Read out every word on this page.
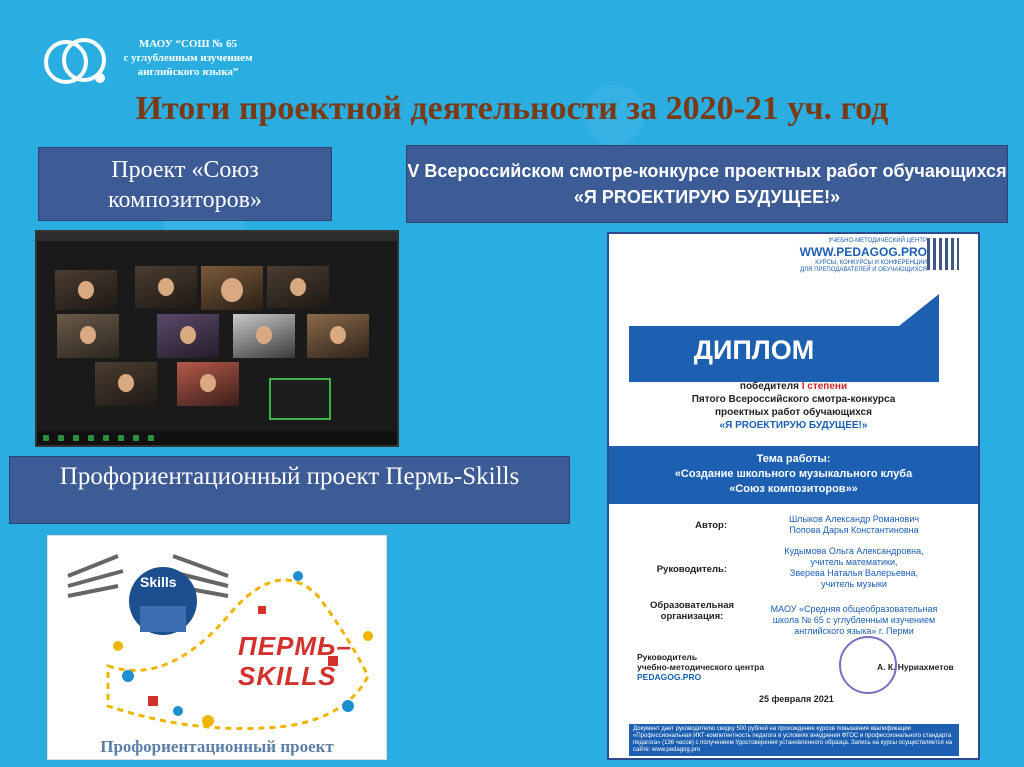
МАОУ “СОШ № 65
с углубленным изучением
английского языка”
Итоги проектной деятельности за 2020-21 уч. год
Проект «Союз композиторов»
V Всероссийском смотре-конкурсе проектных работ обучающихся «Я PROЕКТИРУЮ БУДУЩЕЕ!»
Профориентационный проект Пермь-Skills
Skills
ПЕРМЬ–
SKILLS
Профориентационный проект
УЧЕБНО-МЕТОДИЧЕСКИЙ ЦЕНТР
WWW.PEDAGOG.PRO
КУРСЫ, КОНКУРСЫ И КОНФЕРЕНЦИИ
ДЛЯ ПРЕПОДАВАТЕЛЕЙ И ОБУЧАЮЩИХСЯ
ДИПЛОМ
победителя I степени
Пятого Всероссийского смотра-конкурса
проектных работ обучающихся
«Я PROЕКТИРУЮ БУДУЩЕЕ!»
Тема работы:
«Создание школьного музыкального клуба
«Союз композиторов»»
Автор:
Шлыков Александр Романович
Попова Дарья Константиновна
Руководитель:
Кудымова Ольга Александровна,
учитель математики,
Зверева Наталья Валерьевна,
учитель музыки
Образовательная
организация:
МАОУ «Средняя общеобразовательная
школа № 65 с углубленным изучением
английского языка» г. Перми
Руководитель
учебно-методического центра
PEDAGOG.PRO
А. К. Нуриахметов
25 февраля 2021
Документ дает руководителю скидку 500 рублей на прохождение курсов повышения квалификации «Профессиональная ИКТ-компетентность педагога в условиях внедрения ФГОС и профессионального стандарта педагога» (136 часов) с получением Удостоверения установленного образца. Запись на курсы осуществляется на сайте: www.pedagog.pro
